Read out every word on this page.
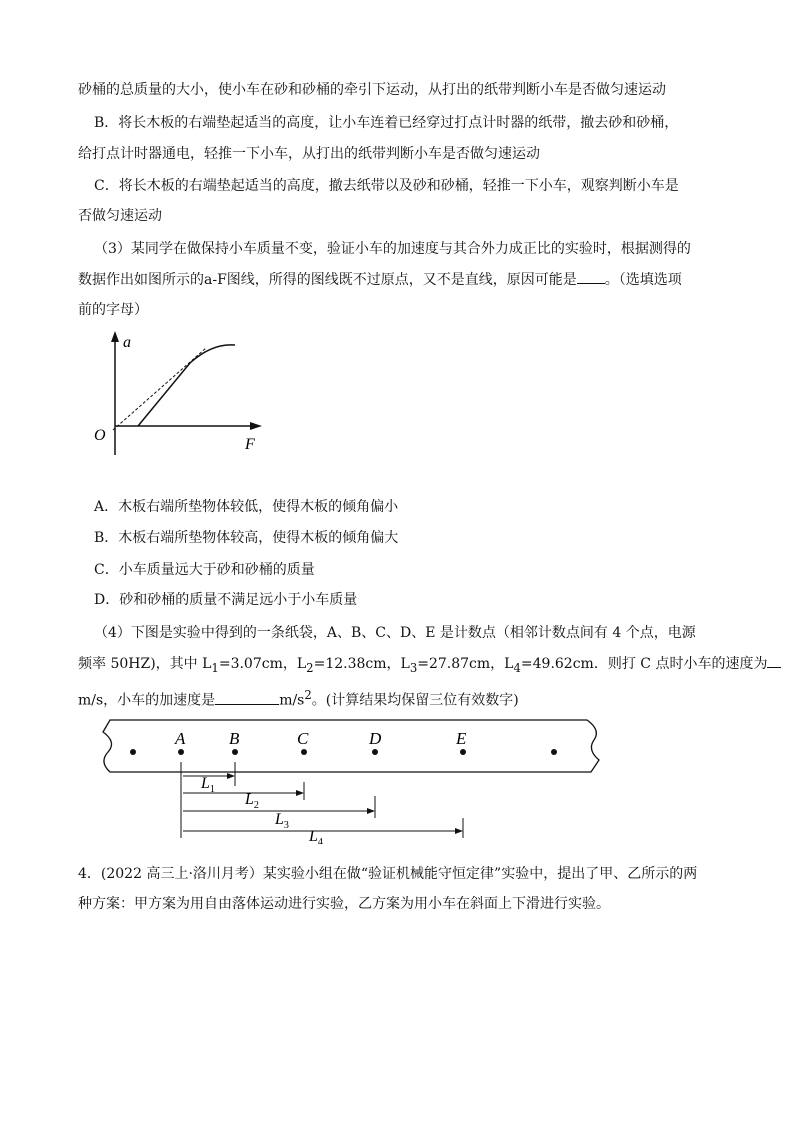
砂桶的总质量的大小，使小车在砂和砂桶的牵引下运动，从打出的纸带判断小车是否做匀速运动
B．将长木板的右端垫起适当的高度，让小车连着已经穿过打点计时器的纸带，撤去砂和砂桶，
给打点计时器通电，轻推一下小车，从打出的纸带判断小车是否做匀速运动
C．将长木板的右端垫起适当的高度，撤去纸带以及砂和砂桶，轻推一下小车，观察判断小车是
否做匀速运动
（3）某同学在做保持小车质量不变，验证小车的加速度与其合外力成正比的实验时，根据测得的
数据作出如图所示的a-F图线，所得的图线既不过原点，又不是直线，原因可能是 。（选填选项
前的字母）
a
F
O
A．木板右端所垫物体较低，使得木板的倾角偏小
B．木板右端所垫物体较高，使得木板的倾角偏大
C．小车质量远大于砂和砂桶的质量
D．砂和砂桶的质量不满足远小于小车质量
（4）下图是实验中得到的一条纸袋，A、B、C、D、E 是计数点（相邻计数点间有 4 个点，电源
频率 50HZ)，其中 $L_1=3.07cm$，$L_2=12.38cm$，$L_3=27.87cm$，$L_4=49.62cm$．则打 C 点时小车的速度为
m/s，小车的加速度是	$m/s^2$。(计算结果均保留三位有效数字)
A	B	C	D	E
$L_1$
$L_2$
$L_3$
$L_4$
4．(2022 高三上·洛川月考）某实验小组在做“验证机械能守恒定律”实验中，提出了甲、乙所示的两
种方案：甲方案为用自由落体运动进行实验，乙方案为用小车在斜面上下滑进行实验。
